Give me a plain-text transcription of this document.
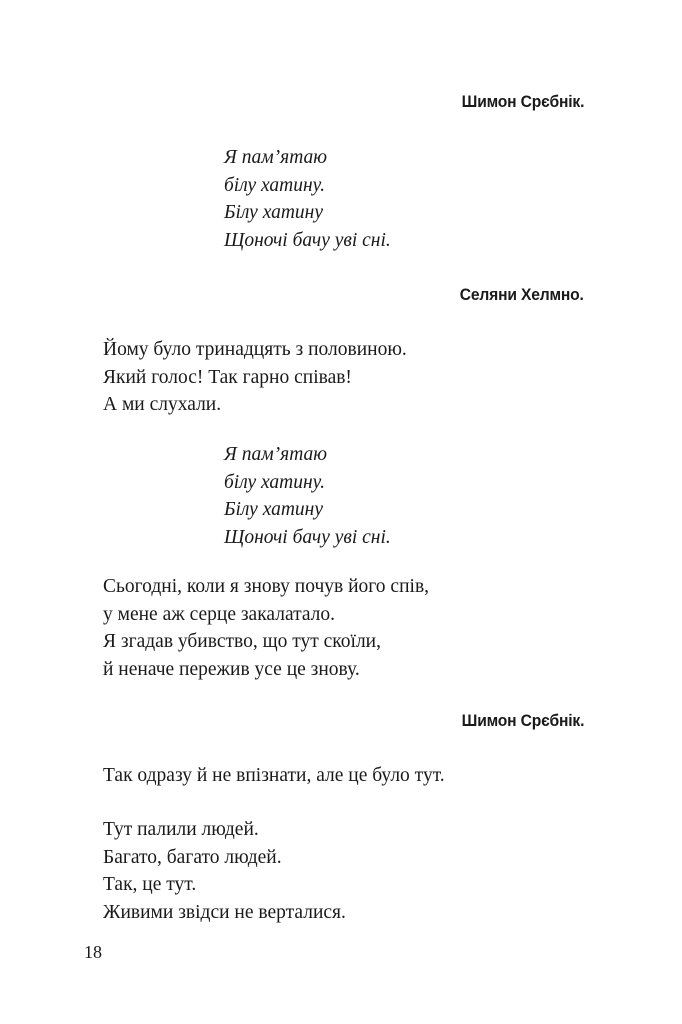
Шимон Срєбнік.
Я пам’ятаю
білу хатину.
Білу хатину
Щоночі бачу уві сні.
Селяни Хелмно.
Йому було тринадцять з половиною.
Який голос! Так гарно співав!
А ми слухали.
Я пам’ятаю
білу хатину.
Білу хатину
Щоночі бачу уві сні.
Сьогодні, коли я знову почув його спів,
у мене аж серце закалатало.
Я згадав убивство, що тут скоїли,
й неначе пережив усе це знову.
Шимон Срєбнік.
Так одразу й не впізнати, але це було тут.
Тут палили людей.
Багато, багато людей.
Так, це тут.
Живими звідси не верталися.
18
